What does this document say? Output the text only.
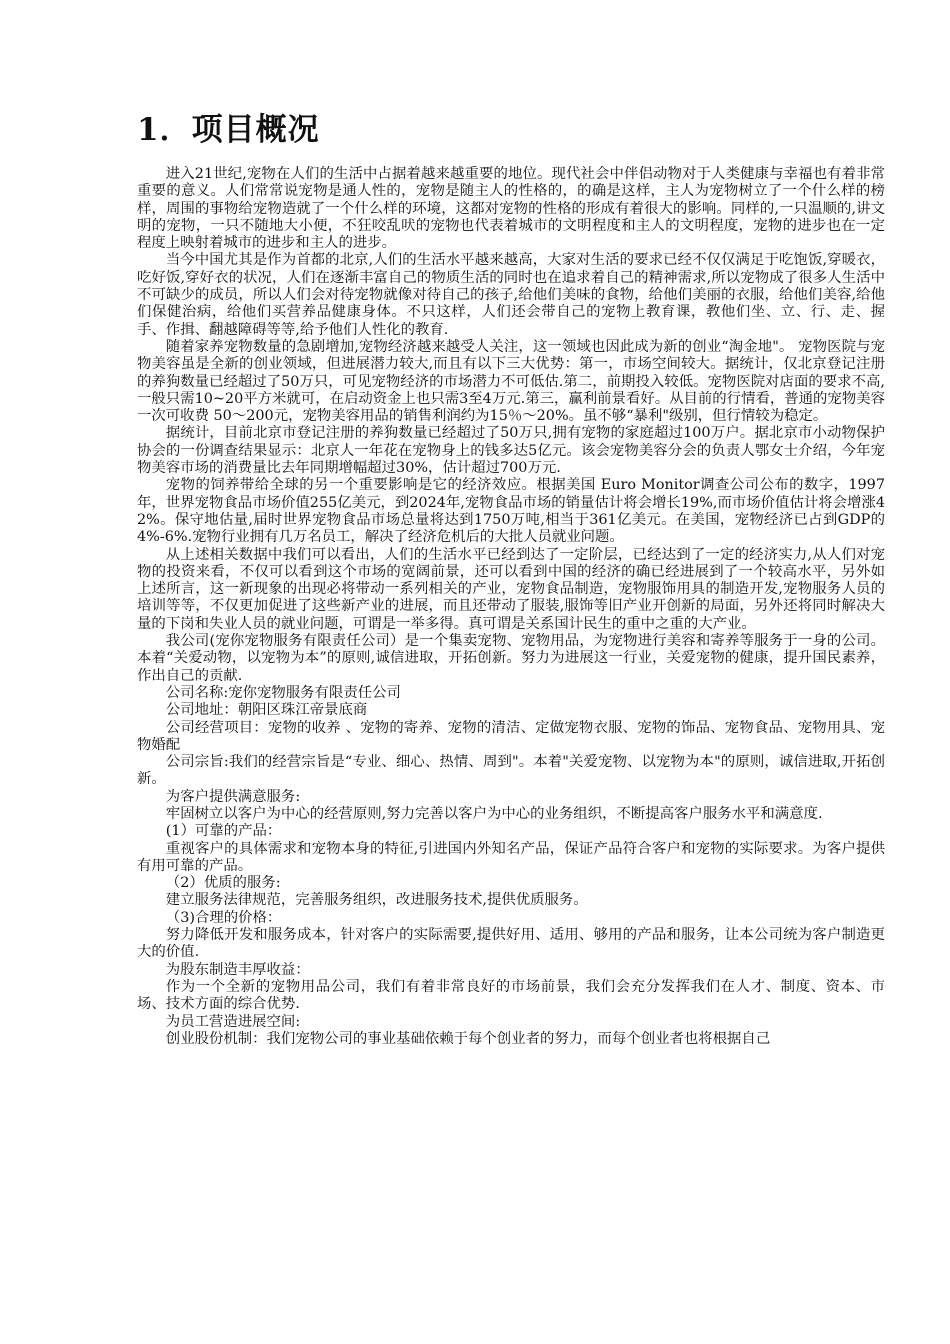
1．项目概况

进入21世纪,宠物在人们的生活中占据着越来越重要的地位。现代社会中伴侣动物对于人类健康与幸福也有着非常重要的意义。人们常常说宠物是通人性的，宠物是随主人的性格的，的确是这样，主人为宠物树立了一个什么样的榜样，周围的事物给宠物造就了一个什么样的环境，这都对宠物的性格的形成有着很大的影响。同样的,一只温顺的,讲文明的宠物，一只不随地大小便，不狂咬乱吠的宠物也代表着城市的文明程度和主人的文明程度，宠物的进步也在一定程度上映射着城市的进步和主人的进步。

当今中国尤其是作为首都的北京,人们的生活水平越来越高，大家对生活的要求已经不仅仅满足于吃饱饭,穿暖衣，吃好饭,穿好衣的状况，人们在逐渐丰富自己的物质生活的同时也在追求着自己的精神需求,所以宠物成了很多人生活中不可缺少的成员，所以人们会对待宠物就像对待自己的孩子,给他们美味的食物，给他们美丽的衣服，给他们美容,给他们保健治病，给他们买营养品健康身体。不只这样，人们还会带自己的宠物上教育课，教他们坐、立、行、走、握手、作揖、翻越障碍等等,给予他们人性化的教育.

随着家养宠物数量的急剧增加,宠物经济越来越受人关注，这一领域也因此成为新的创业“淘金地"。 宠物医院与宠物美容虽是全新的创业领域，但进展潜力较大,而且有以下三大优势：第一，市场空间较大。据统计，仅北京登记注册的养狗数量已经超过了50万只，可见宠物经济的市场潜力不可低估.第二，前期投入较低。宠物医院对店面的要求不高,一般只需10~20平方米就可，在启动资金上也只需3至4万元.第三，赢利前景看好。从目前的行情看，普通的宠物美容一次可收费 50～200元，宠物美容用品的销售利润约为15％～20%。虽不够“暴利"级别，但行情较为稳定。

据统计，目前北京市登记注册的养狗数量已经超过了50万只,拥有宠物的家庭超过100万户。据北京市小动物保护协会的一份调查结果显示：北京人一年花在宠物身上的钱多达5亿元。该会宠物美容分会的负责人鄂女士介绍，今年宠物美容市场的消费量比去年同期增幅超过30%，估计超过700万元.

宠物的饲养带给全球的另一个重要影响是它的经济效应。根据美国 Euro Monitor调查公司公布的数字，1997年，世界宠物食品市场价值255亿美元，到2024年,宠物食品市场的销量估计将会增长19%,而市场价值估计将会增涨42%。保守地估量,届时世界宠物食品市场总量将达到1750万吨,相当于361亿美元。在美国，宠物经济已占到GDP的4%-6%.宠物行业拥有几万名员工，解决了经济危机后的大批人员就业问题。

从上述相关数据中我们可以看出，人们的生活水平已经到达了一定阶层，已经达到了一定的经济实力,从人们对宠物的投资来看，不仅可以看到这个市场的宽阔前景，还可以看到中国的经济的确已经进展到了一个较高水平，另外如上述所言，这一新现象的出现必将带动一系列相关的产业，宠物食品制造，宠物服饰用具的制造开发,宠物服务人员的培训等等，不仅更加促进了这些新产业的进展，而且还带动了服装,服饰等旧产业开创新的局面，另外还将同时解决大量的下岗和失业人员的就业问题，可谓是一举多得。真可谓是关系国计民生的重中之重的大产业。

我公司(宠你宠物服务有限责任公司）是一个集卖宠物、宠物用品，为宠物进行美容和寄养等服务于一身的公司。本着“关爱动物，以宠物为本”的原则,诚信进取，开拓创新。努力为进展这一行业，关爱宠物的健康，提升国民素养，作出自己的贡献.

公司名称:宠你宠物服务有限责任公司

公司地址：朝阳区珠江帝景底商

公司经营项目：宠物的收养 、宠物的寄养、宠物的清洁、定做宠物衣服、宠物的饰品、宠物食品、宠物用具、宠物婚配

公司宗旨:我们的经营宗旨是“专业、细心、热情、周到"。本着"关爱宠物、以宠物为本"的原则，诚信进取,开拓创新。

为客户提供满意服务:

牢固树立以客户为中心的经营原则,努力完善以客户为中心的业务组织，不断提高客户服务水平和满意度.

(1）可靠的产品：

重视客户的具体需求和宠物本身的特征,引进国内外知名产品，保证产品符合客户和宠物的实际要求。为客户提供有用可靠的产品。

（2）优质的服务:

建立服务法律规范，完善服务组织，改进服务技术,提供优质服务。

（3)合理的价格：

努力降低开发和服务成本，针对客户的实际需要,提供好用、适用、够用的产品和服务，让本公司统为客户制造更大的价值.

为股东制造丰厚收益：

作为一个全新的宠物用品公司，我们有着非常良好的市场前景，我们会充分发挥我们在人才、制度、资本、市场、技术方面的综合优势.

为员工营造进展空间:

创业股份机制：我们宠物公司的事业基础依赖于每个创业者的努力，而每个创业者也将根据自己
